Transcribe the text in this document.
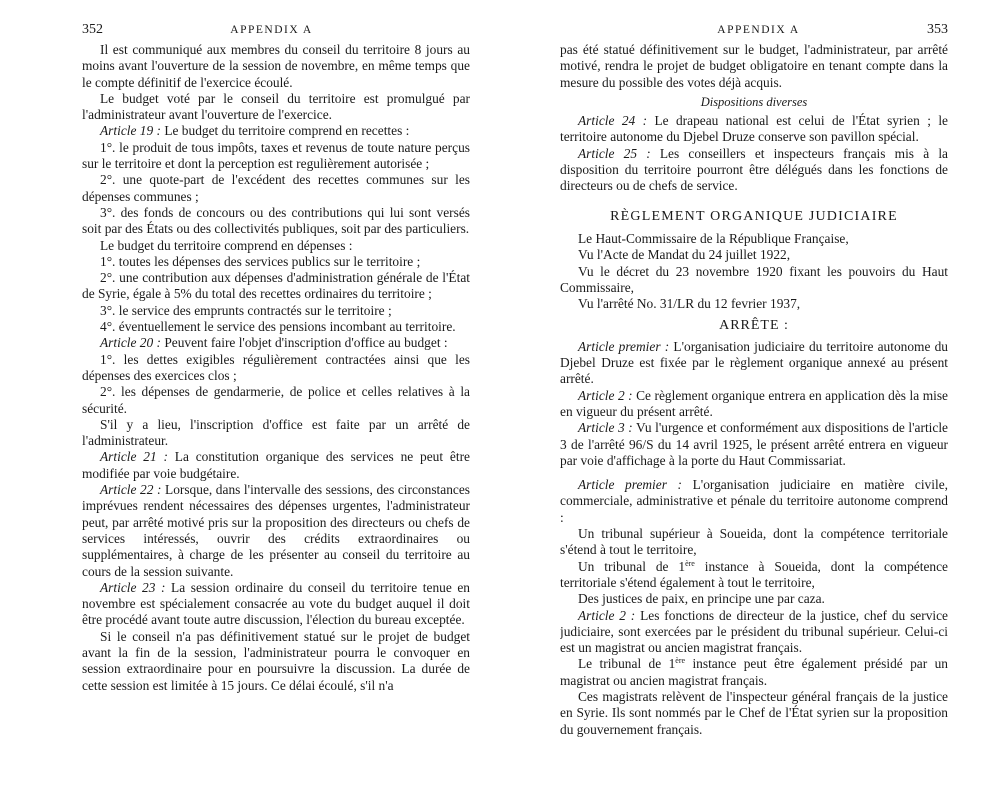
352	APPENDIX A

Il est communiqué aux membres du conseil du territoire 8 jours au moins avant l'ouverture de la session de novembre, en même temps que le compte définitif de l'exercice écoulé.

Le budget voté par le conseil du territoire est promulgué par l'administrateur avant l'ouverture de l'exercice.

Article 19 : Le budget du territoire comprend en recettes :

1°. le produit de tous impôts, taxes et revenus de toute nature perçus sur le territoire et dont la perception est regulièrement autorisée ;

2°. une quote-part de l'excédent des recettes communes sur les dépenses communes ;

3°. des fonds de concours ou des contributions qui lui sont versés soit par des États ou des collectivités publiques, soit par des particuliers.

Le budget du territoire comprend en dépenses :

1°. toutes les dépenses des services publics sur le territoire ;

2°. une contribution aux dépenses d'administration générale de l'État de Syrie, égale à 5% du total des recettes ordinaires du territoire ;

3°. le service des emprunts contractés sur le territoire ;

4°. éventuellement le service des pensions incombant au territoire.

Article 20 : Peuvent faire l'objet d'inscription d'office au budget :

1°. les dettes exigibles régulièrement contractées ainsi que les dépenses des exercices clos ;

2°. les dépenses de gendarmerie, de police et celles relatives à la sécurité.

S'il y a lieu, l'inscription d'office est faite par un arrêté de l'administrateur.

Article 21 : La constitution organique des services ne peut être modifiée par voie budgétaire.

Article 22 : Lorsque, dans l'intervalle des sessions, des circonstances imprévues rendent nécessaires des dépenses urgentes, l'administrateur peut, par arrêté motivé pris sur la proposition des directeurs ou chefs de services intéressés, ouvrir des crédits extraordinaires ou supplémentaires, à charge de les présenter au conseil du territoire au cours de la session suivante.

Article 23 : La session ordinaire du conseil du territoire tenue en novembre est spécialement consacrée au vote du budget auquel il doit être procédé avant toute autre discussion, l'élection du bureau exceptée.

Si le conseil n'a pas définitivement statué sur le projet de budget avant la fin de la session, l'administrateur pourra le convoquer en session extraordinaire pour en poursuivre la discussion. La durée de cette session est limitée à 15 jours. Ce délai écoulé, s'il n'a

APPENDIX A	353

pas été statué définitivement sur le budget, l'administrateur, par arrêté motivé, rendra le projet de budget obligatoire en tenant compte dans la mesure du possible des votes déjà acquis.

Dispositions diverses

Article 24 : Le drapeau national est celui de l'État syrien ; le territoire autonome du Djebel Druze conserve son pavillon spécial.

Article 25 : Les conseillers et inspecteurs français mis à la disposition du territoire pourront être délégués dans les fonctions de directeurs ou de chefs de service.

RÈGLEMENT ORGANIQUE JUDICIAIRE

Le Haut-Commissaire de la République Française,

Vu l'Acte de Mandat du 24 juillet 1922,

Vu le décret du 23 novembre 1920 fixant les pouvoirs du Haut Commissaire,

Vu l'arrêté No. 31/LR du 12 fevrier 1937,

ARRÊTE :

Article premier : L'organisation judiciaire du territoire autonome du Djebel Druze est fixée par le règlement organique annexé au présent arrêté.

Article 2 : Ce règlement organique entrera en application dès la mise en vigueur du présent arrêté.

Article 3 : Vu l'urgence et conformément aux dispositions de l'article 3 de l'arrêté 96/S du 14 avril 1925, le présent arrêté entrera en vigueur par voie d'affichage à la porte du Haut Commissariat.

Article premier : L'organisation judiciaire en matière civile, commerciale, administrative et pénale du territoire autonome comprend :

Un tribunal supérieur à Soueida, dont la compétence territoriale s'étend à tout le territoire,

Un tribunal de 1ère instance à Soueida, dont la compétence territoriale s'étend également à tout le territoire,

Des justices de paix, en principe une par caza.

Article 2 : Les fonctions de directeur de la justice, chef du service judiciaire, sont exercées par le président du tribunal supérieur. Celui-ci est un magistrat ou ancien magistrat français.

Le tribunal de 1ère instance peut être également présidé par un magistrat ou ancien magistrat français.

Ces magistrats relèvent de l'inspecteur général français de la justice en Syrie. Ils sont nommés par le Chef de l'État syrien sur la proposition du gouvernement français.
